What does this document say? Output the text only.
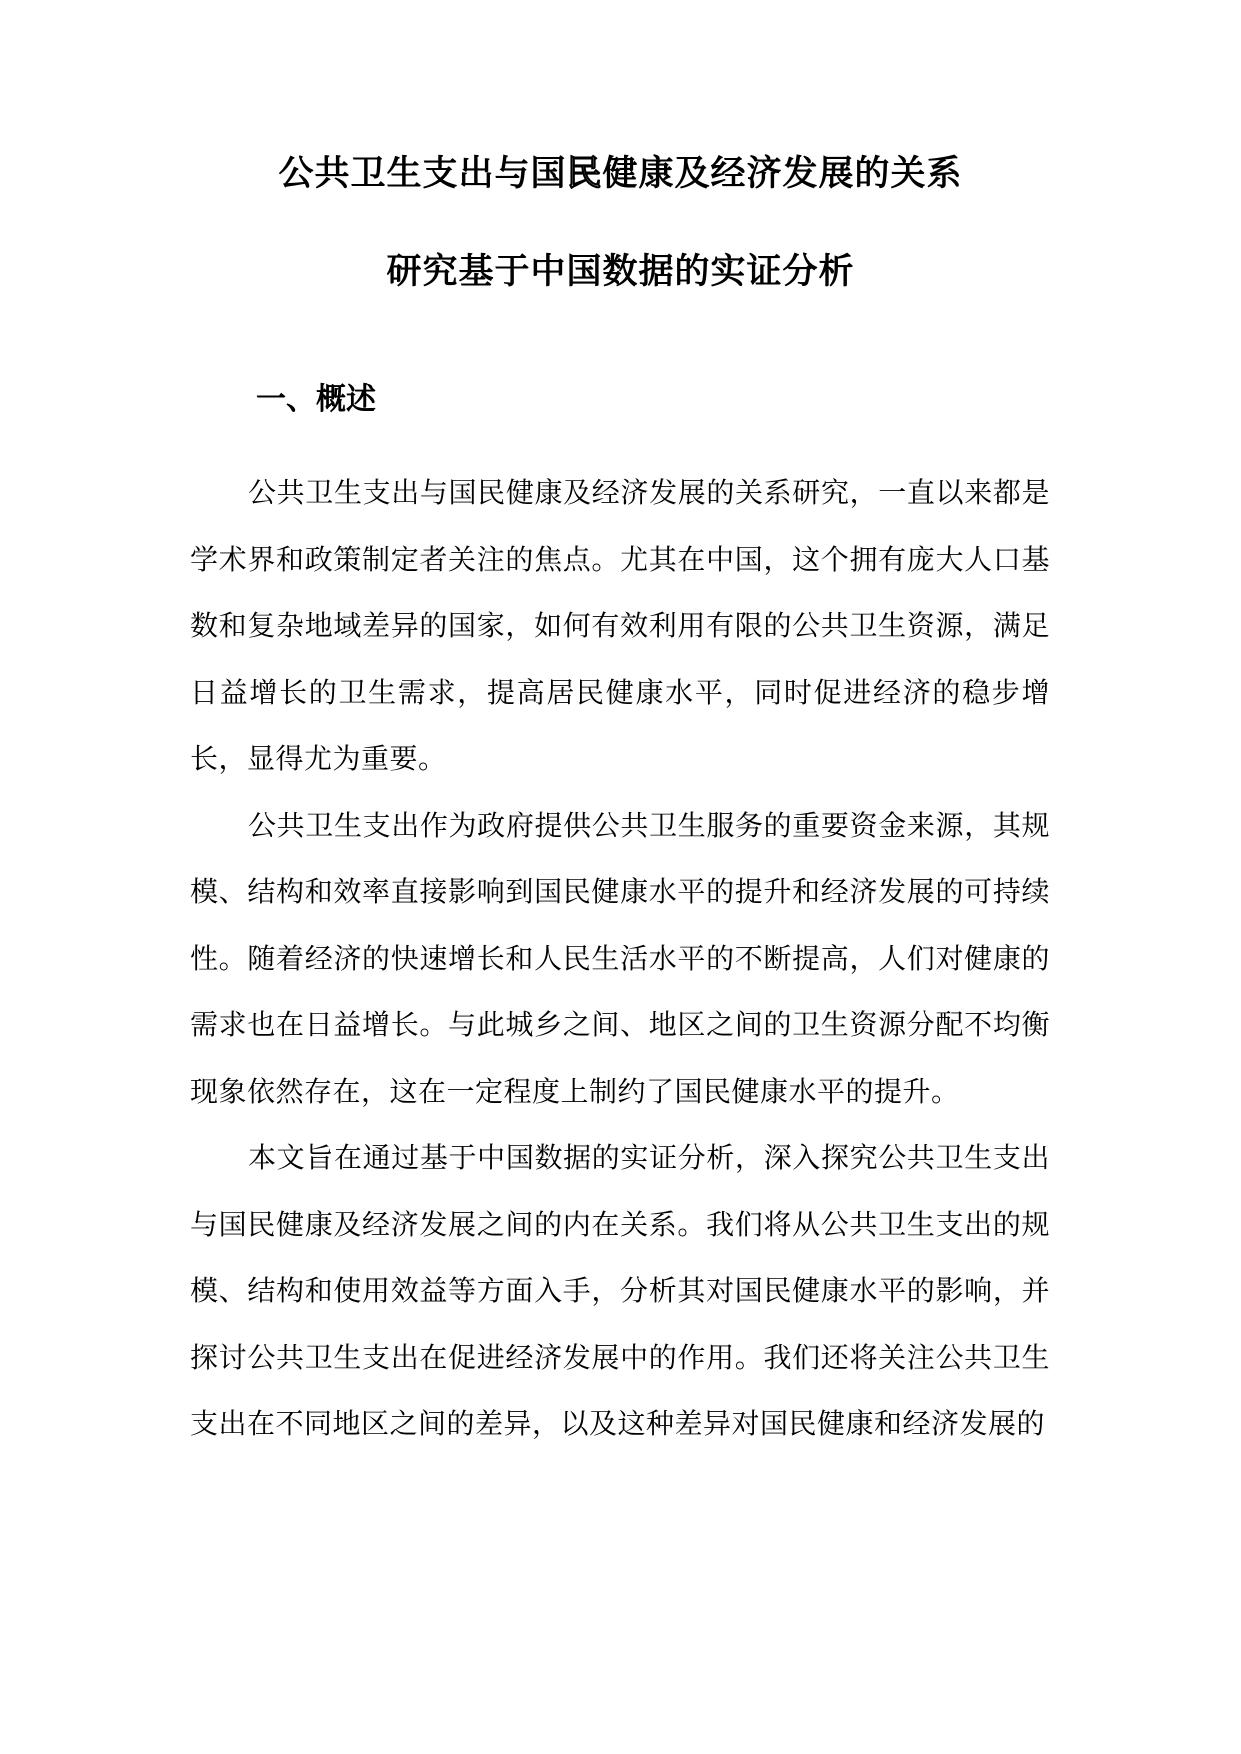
公共卫生支出与国民健康及经济发展的关系
研究基于中国数据的实证分析
一、概述

公共卫生支出与国民健康及经济发展的关系研究，一直以来都是学术界和政策制定者关注的焦点。尤其在中国，这个拥有庞大人口基数和复杂地域差异的国家，如何有效利用有限的公共卫生资源，满足日益增长的卫生需求，提高居民健康水平，同时促进经济的稳步增长，显得尤为重要。

公共卫生支出作为政府提供公共卫生服务的重要资金来源，其规模、结构和效率直接影响到国民健康水平的提升和经济发展的可持续性。随着经济的快速增长和人民生活水平的不断提高，人们对健康的需求也在日益增长。与此城乡之间、地区之间的卫生资源分配不均衡现象依然存在，这在一定程度上制约了国民健康水平的提升。

本文旨在通过基于中国数据的实证分析，深入探究公共卫生支出与国民健康及经济发展之间的内在关系。我们将从公共卫生支出的规模、结构和使用效益等方面入手，分析其对国民健康水平的影响，并探讨公共卫生支出在促进经济发展中的作用。我们还将关注公共卫生支出在不同地区之间的差异，以及这种差异对国民健康和经济发展的
